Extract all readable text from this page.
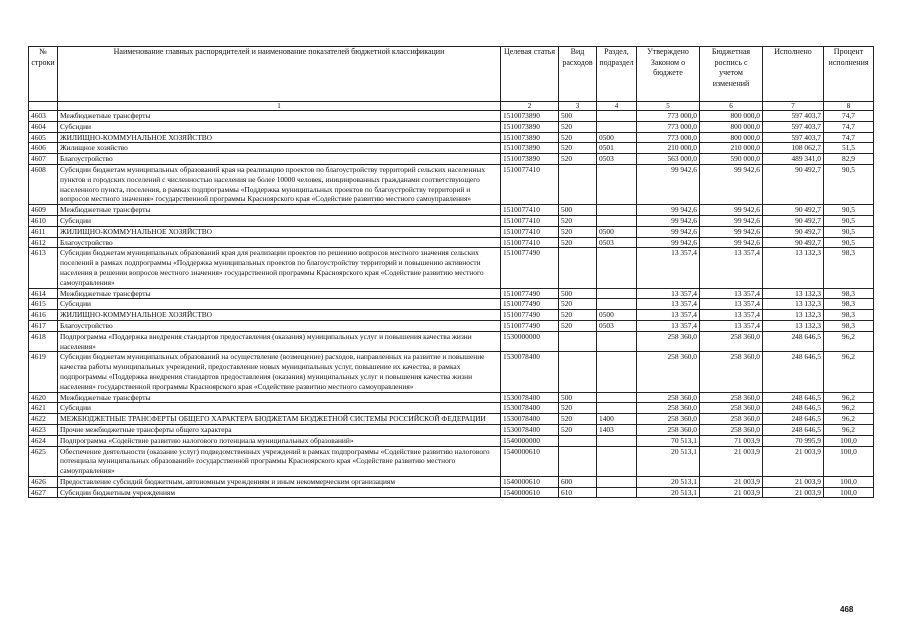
№ строки	Наименование главных распорядителей и наименование показателей бюджетной классификации	Целевая статья	Вид расходов	Раздел, подраздел	Утверждено Законом о бюджете	Бюджетная роспись с учетом изменений	Исполнено	Процент исполнения
	1	2	3	4	5	6	7	8
4603	Межбюджетные трансферты	1510073890	500		773 000,0	800 000,0	597 403,7	74,7
4604	Субсидии	1510073890	520		773 000,0	800 000,0	597 403,7	74,7
4605	ЖИЛИЩНО-КОММУНАЛЬНОЕ ХОЗЯЙСТВО	1510073890	520	0500	773 000,0	800 000,0	597 403,7	74,7
4606	Жилищное хозяйство	1510073890	520	0501	210 000,0	210 000,0	108 062,7	51,5
4607	Благоустройство	1510073890	520	0503	563 000,0	590 000,0	489 341,0	82,9
4608	Субсидии бюджетам муниципальных образований края на реализацию проектов по благоустройству территорий сельских населенных пунктов и городских поселений с численностью населения не более 10000 человек, инициированных гражданами соответствующего населенного пункта, поселения, в рамках подпрограммы «Поддержка муниципальных проектов по благоустройству территорий и вопросов местного значения» государственной программы Красноярского края «Содействие развитию местного самоуправления»	1510077410			99 942,6	99 942,6	90 492,7	90,5
4609	Межбюджетные трансферты	1510077410	500		99 942,6	99 942,6	90 492,7	90,5
4610	Субсидии	1510077410	520		99 942,6	99 942,6	90 492,7	90,5
4611	ЖИЛИЩНО-КОММУНАЛЬНОЕ ХОЗЯЙСТВО	1510077410	520	0500	99 942,6	99 942,6	90 492,7	90,5
4612	Благоустройство	1510077410	520	0503	99 942,6	99 942,6	90 492,7	90,5
4613	Субсидии бюджетам муниципальных образований края для реализации проектов по решению вопросов местного значения сельских поселений в рамках подпрограммы «Поддержка муниципальных проектов по благоустройству территорий и повышению активности населения в решении вопросов местного значения» государственной программы Красноярского края «Содействие развитию местного самоуправления»	1510077490			13 357,4	13 357,4	13 132,3	98,3
4614	Межбюджетные трансферты	1510077490	500		13 357,4	13 357,4	13 132,3	98,3
4615	Субсидии	1510077490	520		13 357,4	13 357,4	13 132,3	98,3
4616	ЖИЛИЩНО-КОММУНАЛЬНОЕ ХОЗЯЙСТВО	1510077490	520	0500	13 357,4	13 357,4	13 132,3	98,3
4617	Благоустройство	1510077490	520	0503	13 357,4	13 357,4	13 132,3	98,3
4618	Подпрограмма «Поддержка внедрения стандартов предоставления (оказания) муниципальных услуг и повышения качества жизни населения»	1530000000			258 360,0	258 360,0	248 646,5	96,2
4619	Субсидии бюджетам муниципальных образований на осуществление (возмещение) расходов, направленных на развитие и повышение качества работы муниципальных учреждений, предоставление новых муниципальных услуг, повышение их качества, в рамках подпрограммы «Поддержка внедрения стандартов предоставления (оказания) муниципальных услуг и повышения качества жизни населения» государственной программы Красноярского края «Содействие развитию местного самоуправления»	1530078400			258 360,0	258 360,0	248 646,5	96,2
4620	Межбюджетные трансферты	1530078400	500		258 360,0	258 360,0	248 646,5	96,2
4621	Субсидии	1530078400	520		258 360,0	258 360,0	248 646,5	96,2
4622	МЕЖБЮДЖЕТНЫЕ ТРАНСФЕРТЫ ОБЩЕГО ХАРАКТЕРА БЮДЖЕТАМ БЮДЖЕТНОЙ СИСТЕМЫ РОССИЙСКОЙ ФЕДЕРАЦИИ	1530078400	520	1400	258 360,0	258 360,0	248 646,5	96,2
4623	Прочие межбюджетные трансферты общего характера	1530078400	520	1403	258 360,0	258 360,0	248 646,5	96,2
4624	Подпрограмма «Содействие развитию налогового потенциала муниципальных образований»	1540000000			70 513,1	71 003,9	70 995,9	100,0
4625	Обеспечение деятельности (оказание услуг) подведомственных учреждений в рамках подпрограммы «Содействие развитию налогового потенциала муниципальных образований» государственной программы Красноярского края «Содействие развитию местного самоуправления»	1540000610			20 513,1	21 003,9	21 003,9	100,0
4626	Предоставление субсидий бюджетным, автономным учреждениям и иным некоммерческим организациям	1540000610	600		20 513,1	21 003,9	21 003,9	100,0
4627	Субсидии бюджетным учреждениям	1540000610	610		20 513,1	21 003,9	21 003,9	100,0
468
